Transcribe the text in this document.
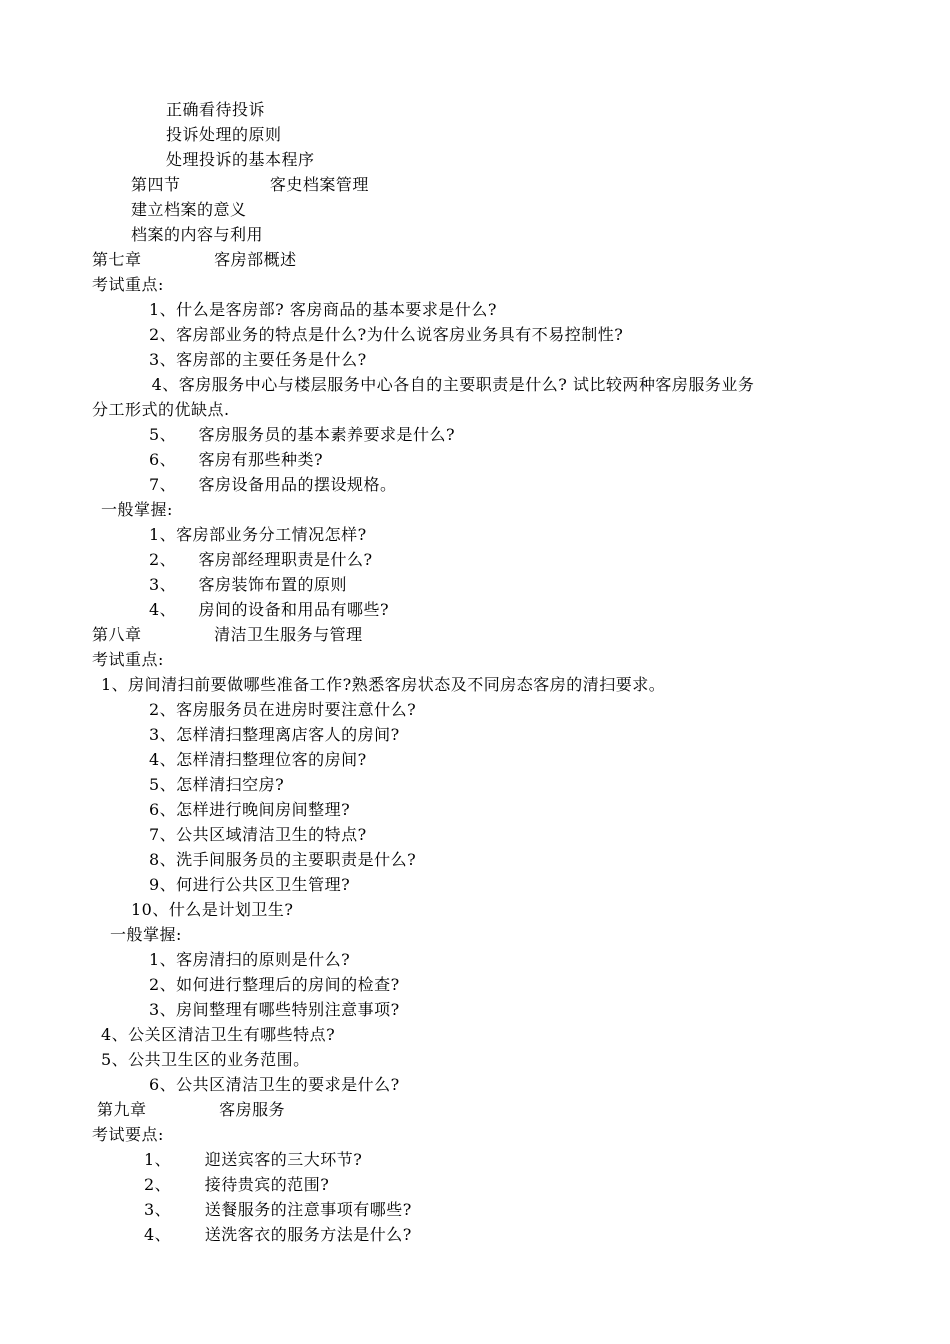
正确看待投诉
投诉处理的原则
处理投诉的基本程序
第四节                客史档案管理
建立档案的意义
档案的内容与利用
第七章             客房部概述
考试重点:
1、什么是客房部? 客房商品的基本要求是什么?
2、客房部业务的特点是什么?为什么说客房业务具有不易控制性?
3、客房部的主要任务是什么?
4、客房服务中心与楼层服务中心各自的主要职责是什么? 试比较两种客房服务业务
分工形式的优缺点.
5、    客房服务员的基本素养要求是什么?
6、    客房有那些种类?
7、    客房设备用品的摆设规格。
一般掌握:
1、客房部业务分工情况怎样?
2、    客房部经理职责是什么?
3、    客房装饰布置的原则
4、    房间的设备和用品有哪些?
第八章             清洁卫生服务与管理
考试重点:
1、房间清扫前要做哪些准备工作?熟悉客房状态及不同房态客房的清扫要求。
2、客房服务员在进房时要注意什么?
3、怎样清扫整理离店客人的房间?
4、怎样清扫整理位客的房间?
5、怎样清扫空房?
6、怎样进行晚间房间整理?
7、公共区域清洁卫生的特点?
8、洗手间服务员的主要职责是什么?
9、何进行公共区卫生管理?
10、什么是计划卫生?
一般掌握:
1、客房清扫的原则是什么?
2、如何进行整理后的房间的检查?
3、房间整理有哪些特别注意事项?
4、公关区清洁卫生有哪些特点?
5、公共卫生区的业务范围。
6、公共区清洁卫生的要求是什么?
第九章             客房服务
考试要点:
1、      迎送宾客的三大环节?
2、      接待贵宾的范围?
3、      送餐服务的注意事项有哪些?
4、      送洗客衣的服务方法是什么?
